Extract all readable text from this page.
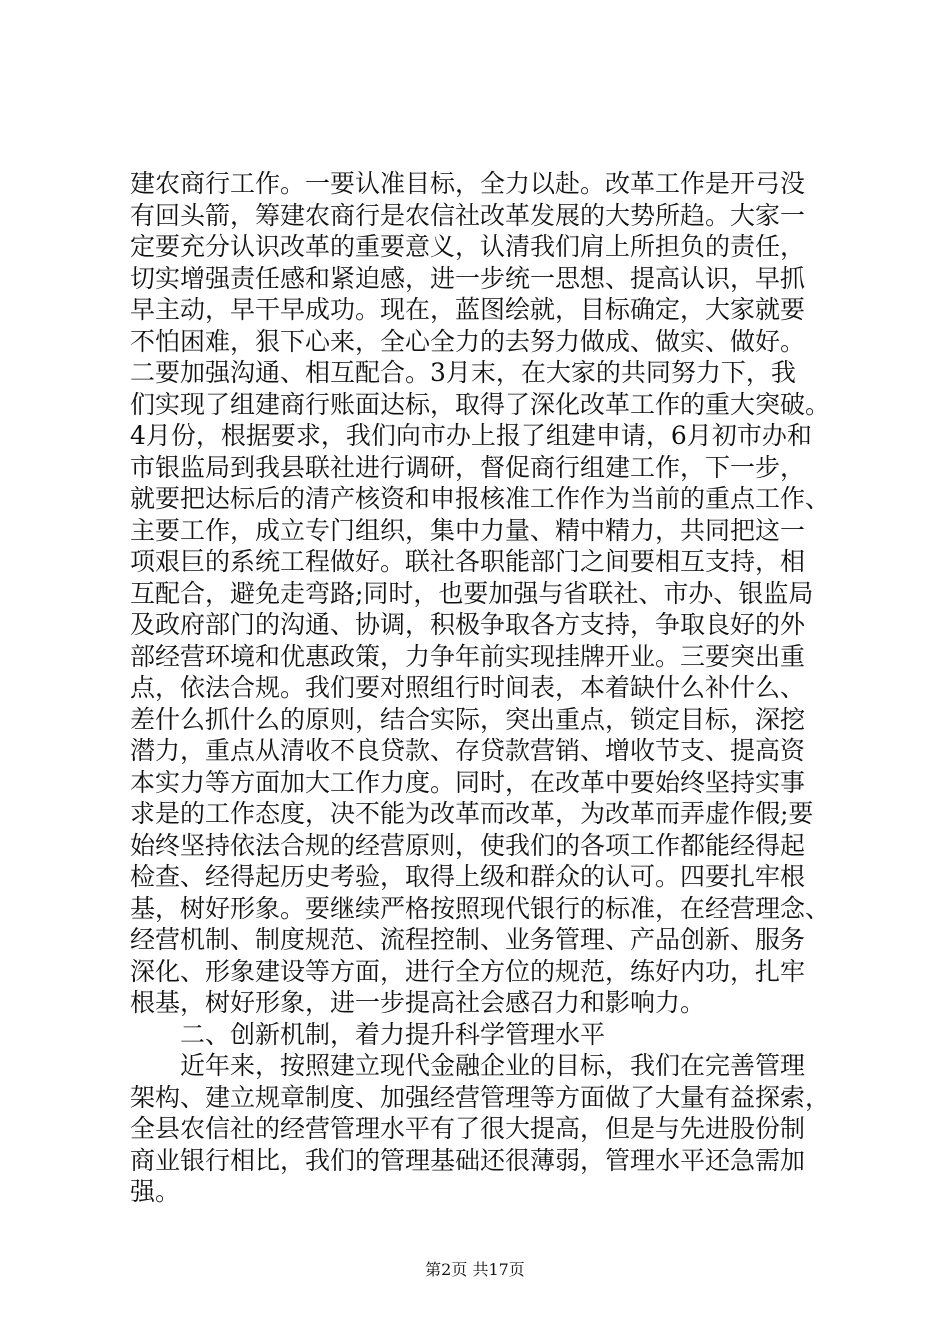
建农商行工作。一要认准目标，全力以赴。改革工作是开弓没
有回头箭，筹建农商行是农信社改革发展的大势所趋。大家一
定要充分认识改革的重要意义，认清我们肩上所担负的责任，
切实增强责任感和紧迫感，进一步统一思想、提高认识，早抓
早主动，早干早成功。现在，蓝图绘就，目标确定，大家就要
不怕困难，狠下心来，全心全力的去努力做成、做实、做好。
二要加强沟通、相互配合。3月末，在大家的共同努力下，我
们实现了组建商行账面达标，取得了深化改革工作的重大突破。
4月份，根据要求，我们向市办上报了组建申请，6月初市办和
市银监局到我县联社进行调研，督促商行组建工作，下一步，
就要把达标后的清产核资和申报核准工作作为当前的重点工作、
主要工作，成立专门组织，集中力量、精中精力，共同把这一
项艰巨的系统工程做好。联社各职能部门之间要相互支持，相
互配合，避免走弯路;同时，也要加强与省联社、市办、银监局
及政府部门的沟通、协调，积极争取各方支持，争取良好的外
部经营环境和优惠政策，力争年前实现挂牌开业。三要突出重
点，依法合规。我们要对照组行时间表，本着缺什么补什么、
差什么抓什么的原则，结合实际，突出重点，锁定目标，深挖
潜力，重点从清收不良贷款、存贷款营销、增收节支、提高资
本实力等方面加大工作力度。同时，在改革中要始终坚持实事
求是的工作态度，决不能为改革而改革，为改革而弄虚作假;要
始终坚持依法合规的经营原则，使我们的各项工作都能经得起
检查、经得起历史考验，取得上级和群众的认可。四要扎牢根
基，树好形象。要继续严格按照现代银行的标准，在经营理念、
经营机制、制度规范、流程控制、业务管理、产品创新、服务
深化、形象建设等方面，进行全方位的规范，练好内功，扎牢
根基，树好形象，进一步提高社会感召力和影响力。
二、创新机制，着力提升科学管理水平
近年来，按照建立现代金融企业的目标，我们在完善管理
架构、建立规章制度、加强经营管理等方面做了大量有益探索，
全县农信社的经营管理水平有了很大提高，但是与先进股份制
商业银行相比，我们的管理基础还很薄弱，管理水平还急需加
强。
第2页 共17页
